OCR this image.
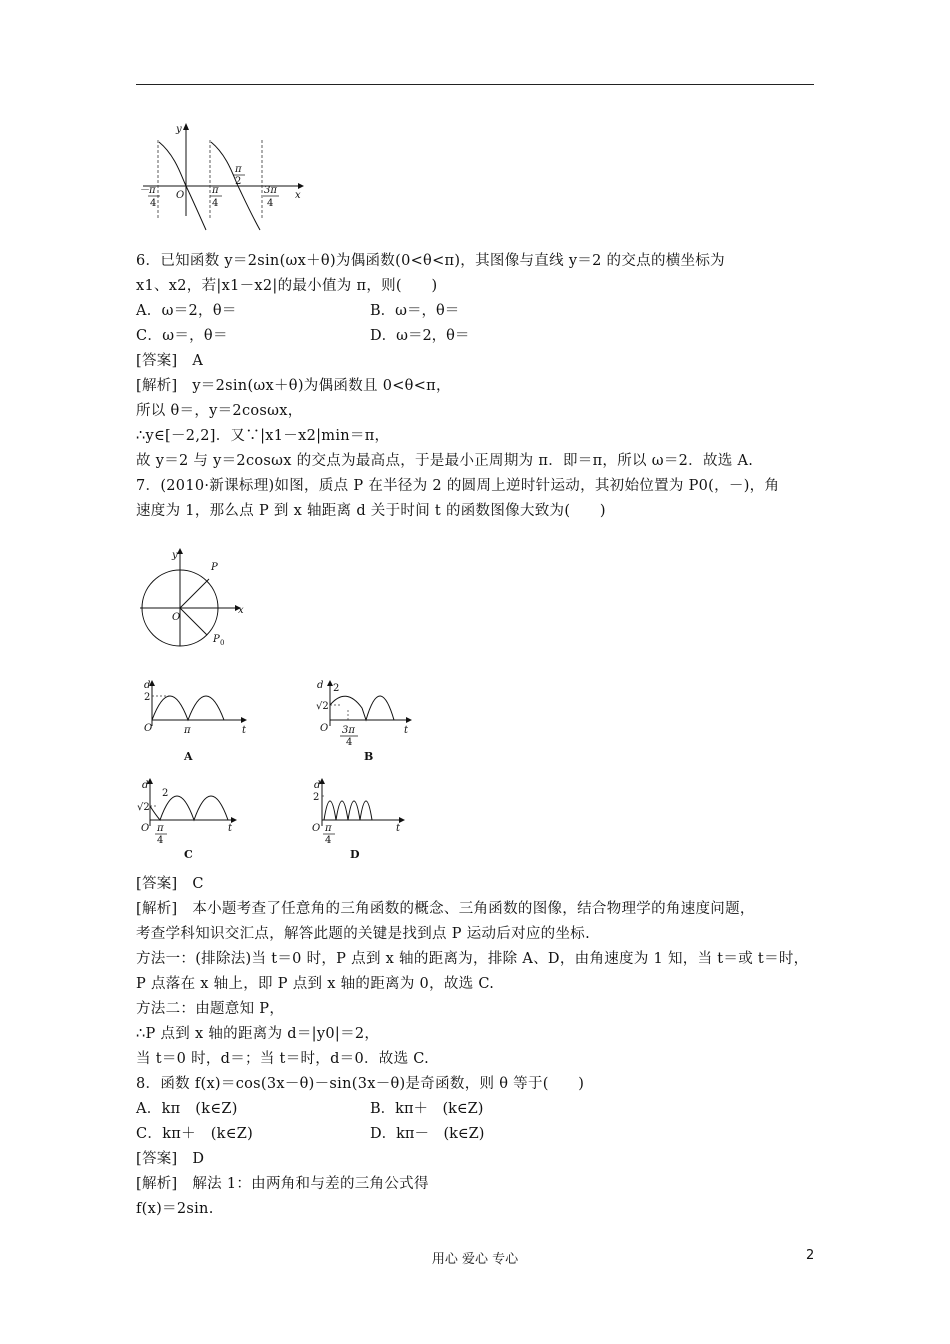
y
x
O
－ π
4
π
4
π
2
3π
4
6．已知函数 y＝2sin(ωx＋θ)为偶函数(0<θ<π)，其图像与直线 y＝2 的交点的横坐标为
x1、x2，若|x1－x2|的最小值为 π，则(　　)
A．ω＝2，θ＝	B．ω＝，θ＝
C．ω＝，θ＝	D．ω＝2，θ＝
[答案]　A
[解析]　y＝2sin(ωx＋θ)为偶函数且 0<θ<π，
所以 θ＝，y＝2cosωx，
∴y∈[－2,2]．又∵|x1－x2|min＝π，
故 y＝2 与 y＝2cosωx 的交点为最高点，于是最小正周期为 π．即＝π，所以 ω＝2．故选 A.
7．(2010·新课标理)如图，质点 P 在半径为 2 的圆周上逆时针运动，其初始位置为 P0(，－)，角
速度为 1，那么点 P 到 x 轴距离 d 关于时间 t 的函数图像大致为(　　)
y
x
O
P
P 0
d
2
O	π	t
A
d 2
√2
O 3π
4
t
B
d
2
√2
O π
4
t
C
d
2
O π
4
t
D
[答案]　C
[解析]　本小题考查了任意角的三角函数的概念、三角函数的图像，结合物理学的角速度问题，
考查学科知识交汇点，解答此题的关键是找到点 P 运动后对应的坐标.
方法一：(排除法)当 t＝0 时，P 点到 x 轴的距离为，排除 A、D，由角速度为 1 知，当 t＝或 t＝时，
P 点落在 x 轴上，即 P 点到 x 轴的距离为 0，故选 C.
方法二：由题意知 P，
∴P 点到 x 轴的距离为 d＝|y0|＝2，
当 t＝0 时，d＝；当 t＝时，d＝0．故选 C.
8．函数 f(x)＝cos(3x－θ)－sin(3x－θ)是奇函数，则 θ 等于(　　)
A．kπ　(k∈Z)	B．kπ＋　(k∈Z)
C．kπ＋　(k∈Z)	D．kπ－　(k∈Z)
[答案]　D
[解析]　解法 1：由两角和与差的三角公式得
f(x)＝2sin.
用心 爱心 专心	2
